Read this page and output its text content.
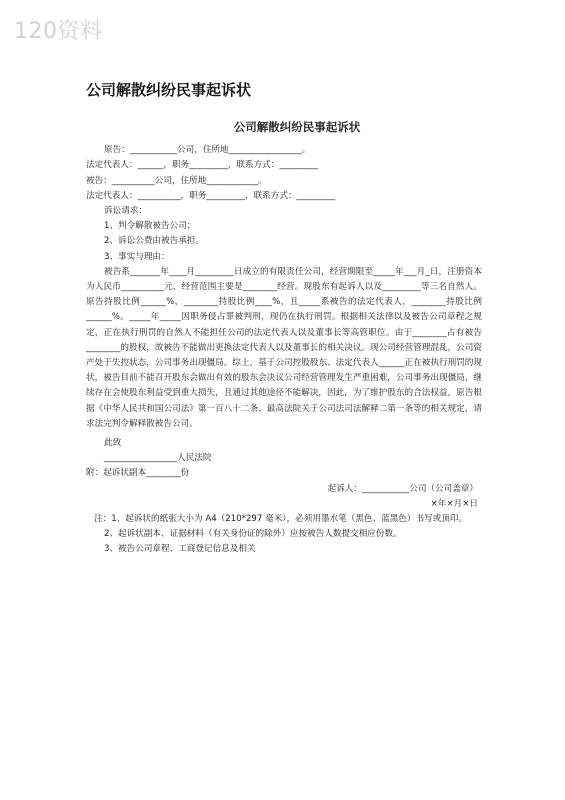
120资料
公司解散纠纷民事起诉状
公司解散纠纷民事起诉状

原告：___________公司，住所地_________________。

法定代表人：______，职务_________，联系方式：_________

被告：__________公司，住所地____________。

法定代表人：__________，职务_________，联系方式：_________

诉讼请求：

1、判令解散被告公司；

2、诉讼公费由被告承担。

3、事实与理由：

被告系_______年____月_________日成立的有限责任公司，经营期限至_____年___月_日，注册资本为人民币__________元，经营范围主要是________经营。现股东有起诉人以及_________等三名自然人。原告持股比例______%，________持股比例____%，且_____系被告的法定代表人，________持股比例______%。_____年_____因职务侵占罪被判刑，现仍在执行刑罚。根据相关法律以及被告公司章程之规定，正在执行刑罚的自然人不能担任公司的法定代表人以及董事长等高管职位。由于________占有被告________的股权，故被告不能做出更换法定代表人以及董事长的相关决议。现公司经营管理混乱，公司资产处于失控状态，公司事务出现僵局。综上，基于公司控股股东、法定代表人______正在被执行刑罚的现状，被告目前不能召开股东会做出有效的股东会决议公司经营管理发生严重困难，公司事务出现僵局，继续存在会使股东利益受到重大损失，且通过其他途径不能解决，因此，为了维护股东的合法权益，原告根据《中华人民共和国公司法》第一百八十二条、最高法院关于公司法司法解释二第一条等的相关规定，请求法完判令解释散被告公司。

此致

_________________人民法院

附：起诉状副本________份

起诉人：___________公司（公司盖章）

×年×月×日

注：1、起诉状的纸张大小为 A4（210*297 毫米），必须用墨水笔（黑色、蓝黑色）书写或顶印。

2、起诉状副本、证据材料（有关身份证的除外）应按被告人数提交相应份数。

3、被告公司章程、工商登记信息及相关
